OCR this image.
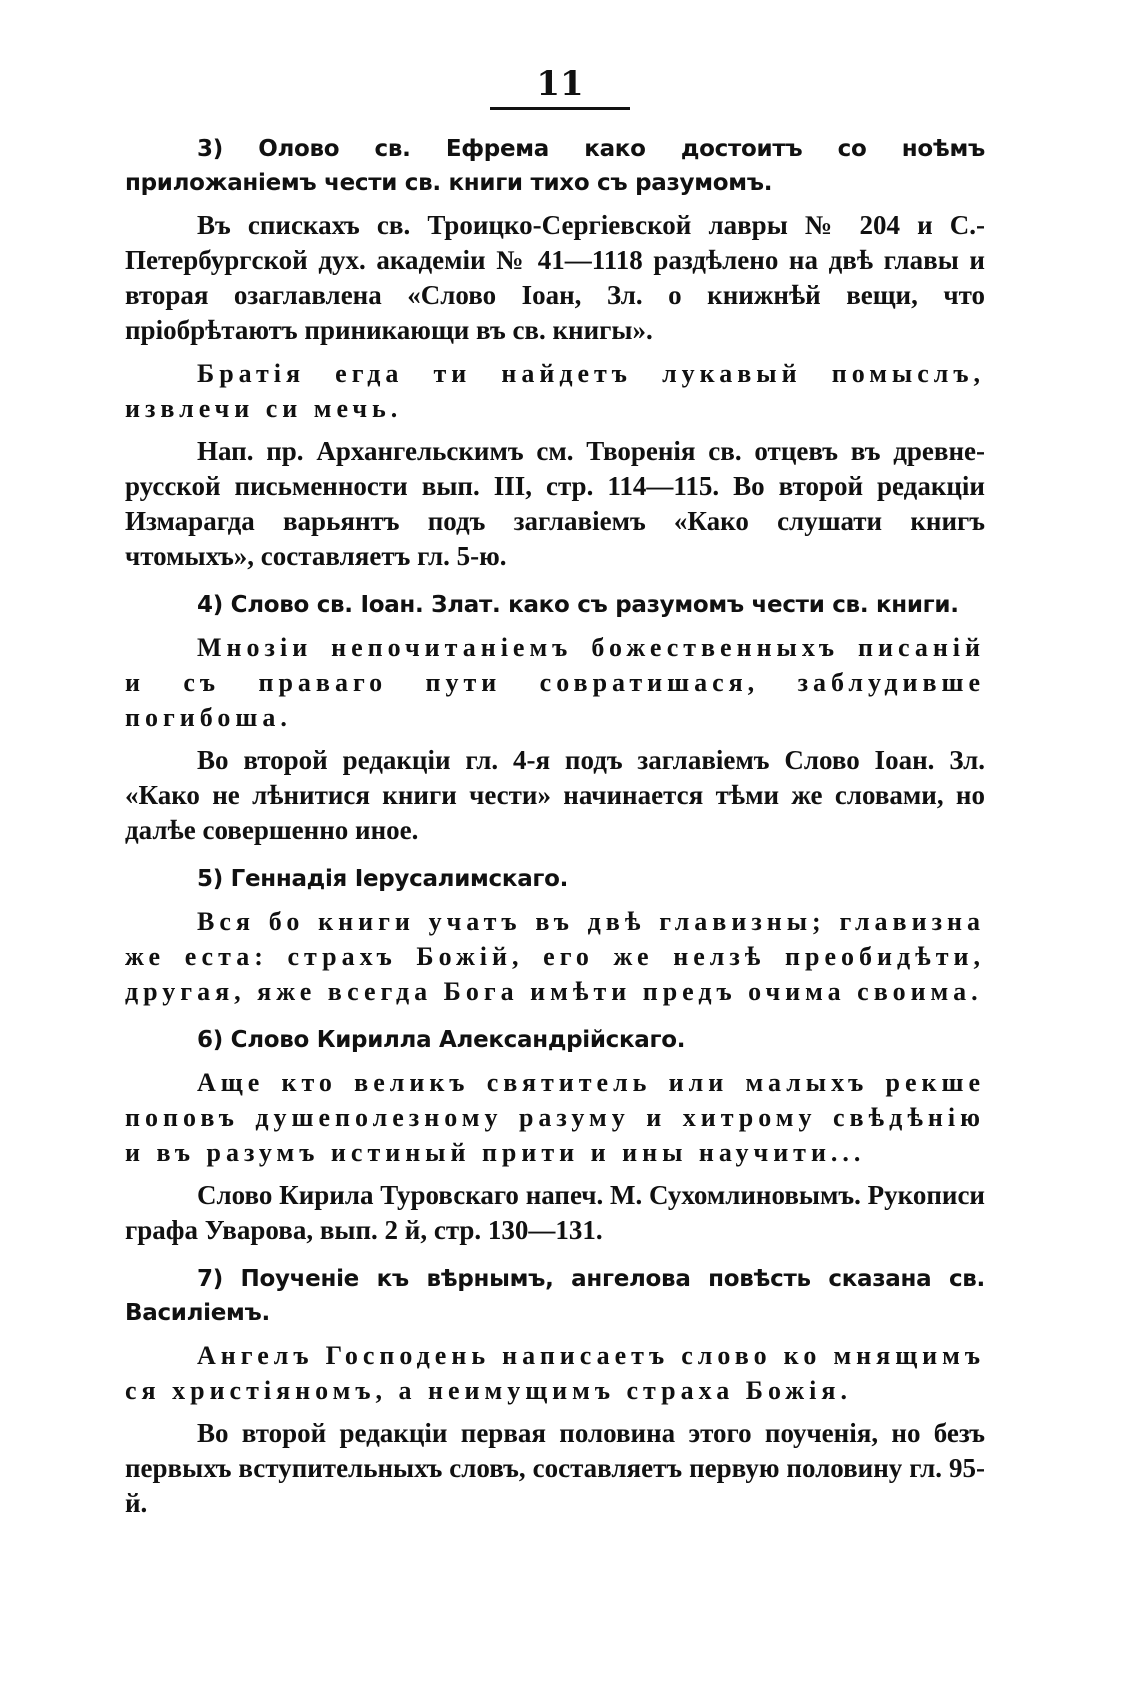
11

3) Олово св. Ефрема како достоитъ со ноѣмъ приложаніемъ чести св. книги тихо съ разумомъ.

Въ спискахъ св. Троицко-Сергіевской лавры № 204 и С.-Петербургской дух. академіи № 41—1118 раздѣлено на двѣ главы и вторая озаглавлена «Слово Іоан, Зл. о книжнѣй вещи, что пріобрѣтаютъ приникающи въ св. книгы».

Братія егда ти найдетъ лукавый помыслъ, извлечи си мечь.

Нап. пр. Архангельскимъ см. Творенія св. отцевъ въ древне-русской письменности вып. III, стр. 114—115. Во второй редакціи Измарагда варьянтъ подъ заглавіемъ «Како слушати книгъ чтомыхъ», составляетъ гл. 5-ю.

4) Слово св. Іоан. Злат. како съ разумомъ чести св. книги.

Мнозіи непочитаніемъ божественныхъ писаній и съ праваго пути совратишася, заблудивше погибоша.

Во второй редакціи гл. 4-я подъ заглавіемъ Слово Іоан. Зл. «Како не лѣнитися книги чести» начинается тѣми же словами, но далѣе совершенно иное.

5) Геннадія Іерусалимскаго.

Вся бо книги учатъ въ двѣ главизны; главизна же еста: страхъ Божій, его же нелзѣ преобидѣти, другая, яже всегда Бога имѣти предъ очима своима.

6) Слово Кирилла Александрійскаго.

Аще кто великъ святитель или малыхъ рекше поповъ душеполезному разуму и хитрому свѣдѣнію и въ разумъ истиный прити и ины научити...

Слово Кирила Туровскаго напеч. М. Сухомлиновымъ. Рукописи графа Уварова, вып. 2 й, стр. 130—131.

7) Поученіе къ вѣрнымъ, ангелова повѣсть сказана св. Василіемъ.

Ангелъ Господень написаетъ слово ко мнящимъ ся христіяномъ, а неимущимъ страха Божія.

Во второй редакціи первая половина этого поученія, но безъ первыхъ вступительныхъ словъ, составляетъ первую половину гл. 95-й.
